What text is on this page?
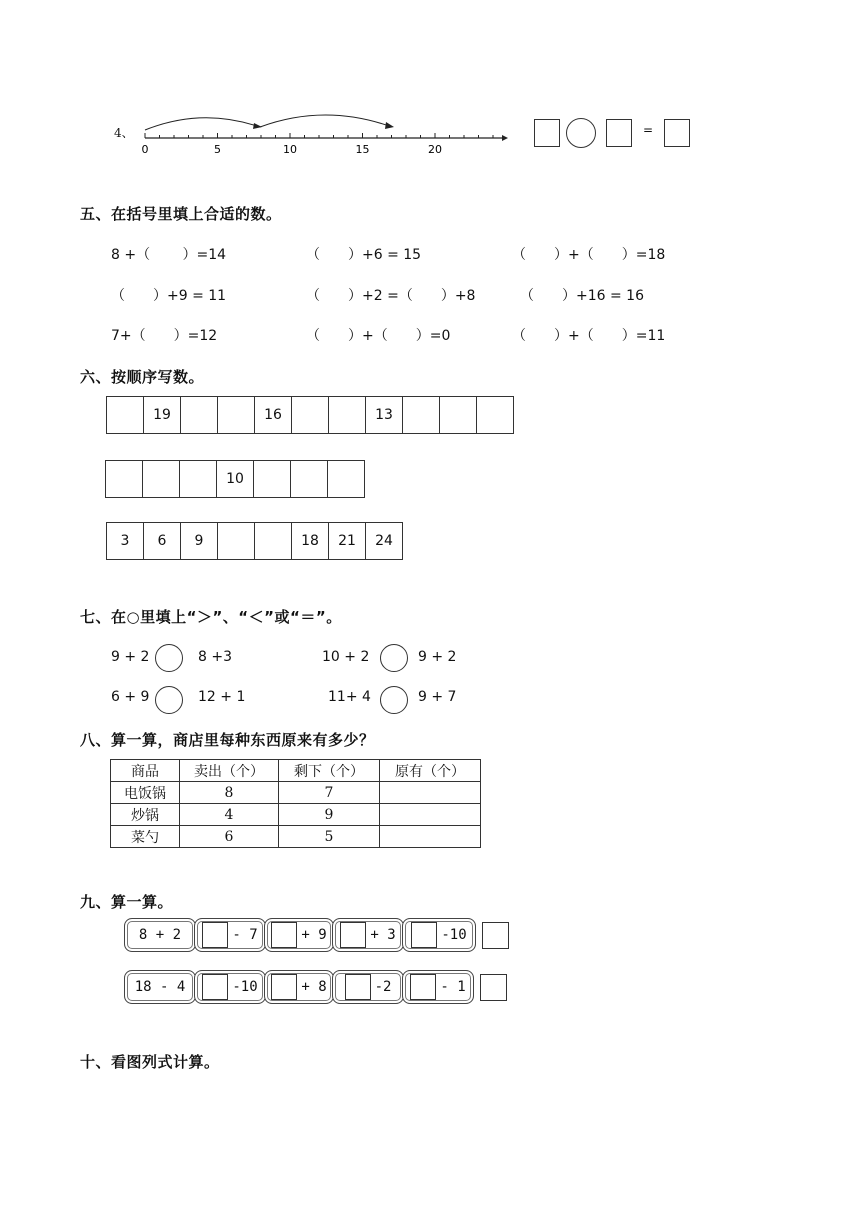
4、
0	5	10	15	20
=
五、在括号里填上合适的数。
8 +（　　 ）=14	（　　）+6 = 15	（　　）+（　　）=18
（　　）+9 = 11	（　　）+2 =（　　）+8	（　　）+16 = 16
7+（　　）=12	（　　）+（　　）=0	（　　）+（　　）=11
六、按顺序写数。
19	16	13
10
3	6	9	18	21	24
七、在○里填上“＞”、“＜”或“＝”。
9 + 2	8 +3	10 + 2	9 + 2
6 + 9	12 + 1	11+ 4	9 + 7
八、算一算，商店里每种东西原来有多少？
商品	卖出（个）	剩下（个）	原有（个）
电饭锅	8	7	
炒锅	4	9	
菜勺	6	5	
九、算一算。
8 + 2	- 7	+ 9	+ 3	-10
18 - 4	-10	+ 8	-2	- 1
十、看图列式计算。
